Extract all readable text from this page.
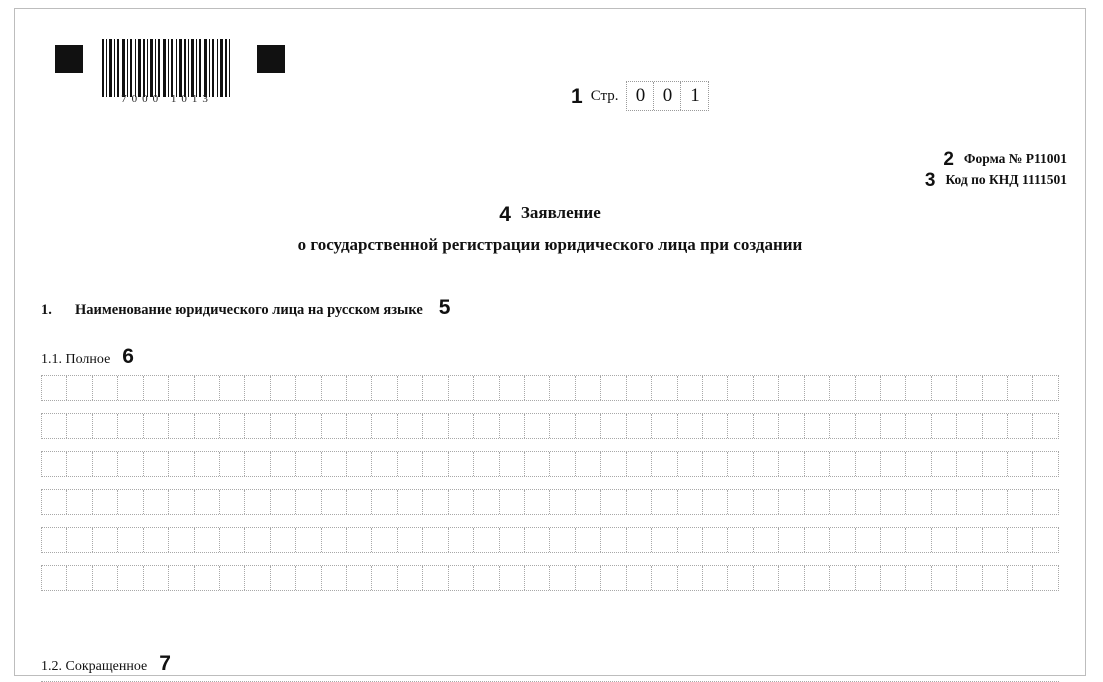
7000 1013	1 Стр. 0 0 1
2 Форма № Р11001
3 Код по КНД 1111501
4 Заявление
о государственной регистрации юридического лица при создании
1.	Наименование юридического лица на русском языке 5
1.1. Полное 6
1.2. Сокращенное 7
